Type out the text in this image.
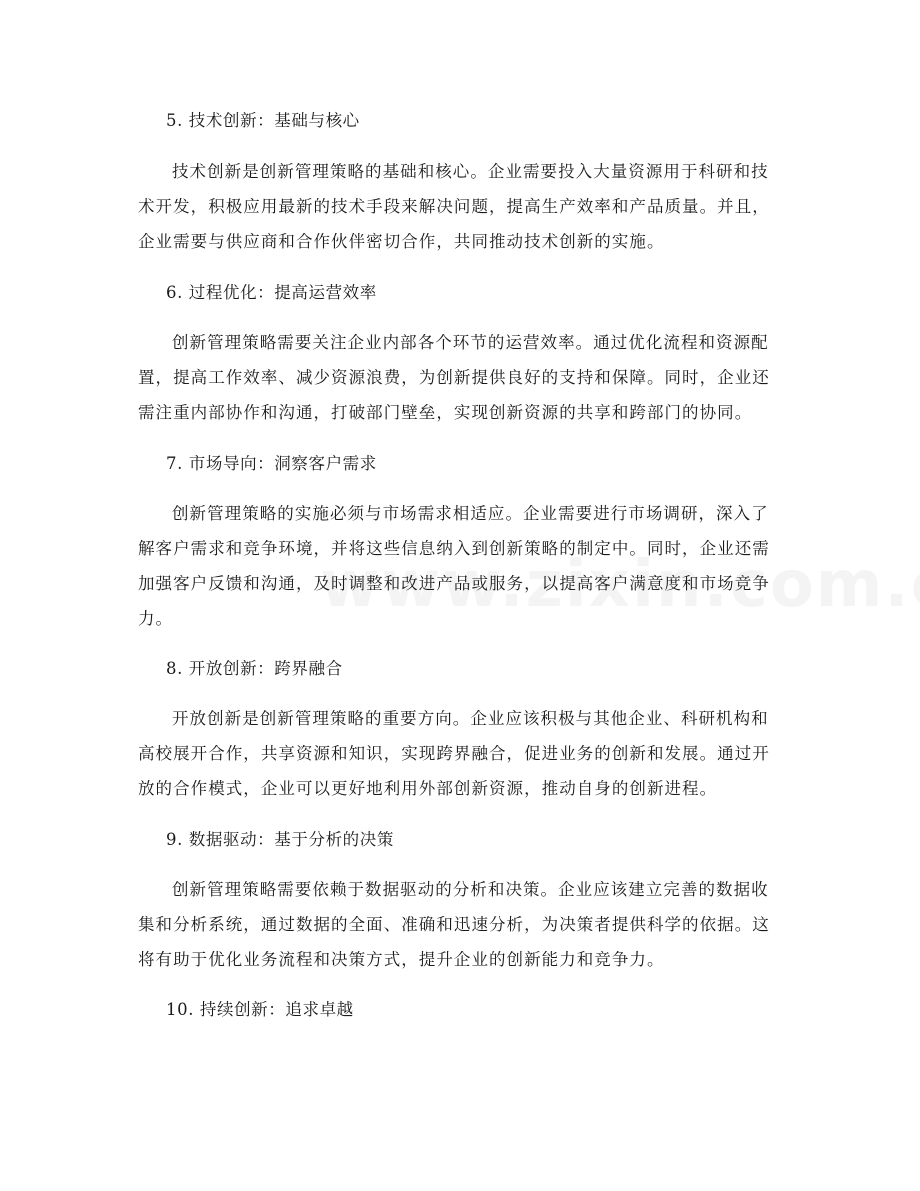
5. 技术创新：基础与核心
技术创新是创新管理策略的基础和核心。企业需要投入大量资源用于科研和技
术开发，积极应用最新的技术手段来解决问题，提高生产效率和产品质量。并且，
企业需要与供应商和合作伙伴密切合作，共同推动技术创新的实施。
6. 过程优化：提高运营效率
创新管理策略需要关注企业内部各个环节的运营效率。通过优化流程和资源配
置，提高工作效率、减少资源浪费，为创新提供良好的支持和保障。同时，企业还
需注重内部协作和沟通，打破部门壁垒，实现创新资源的共享和跨部门的协同。
7. 市场导向：洞察客户需求
创新管理策略的实施必须与市场需求相适应。企业需要进行市场调研，深入了
解客户需求和竞争环境，并将这些信息纳入到创新策略的制定中。同时，企业还需
加强客户反馈和沟通，及时调整和改进产品或服务，以提高客户满意度和市场竞争
力。
8. 开放创新：跨界融合
开放创新是创新管理策略的重要方向。企业应该积极与其他企业、科研机构和
高校展开合作，共享资源和知识，实现跨界融合，促进业务的创新和发展。通过开
放的合作模式，企业可以更好地利用外部创新资源，推动自身的创新进程。
9. 数据驱动：基于分析的决策
创新管理策略需要依赖于数据驱动的分析和决策。企业应该建立完善的数据收
集和分析系统，通过数据的全面、准确和迅速分析，为决策者提供科学的依据。这
将有助于优化业务流程和决策方式，提升企业的创新能力和竞争力。
10. 持续创新：追求卓越
